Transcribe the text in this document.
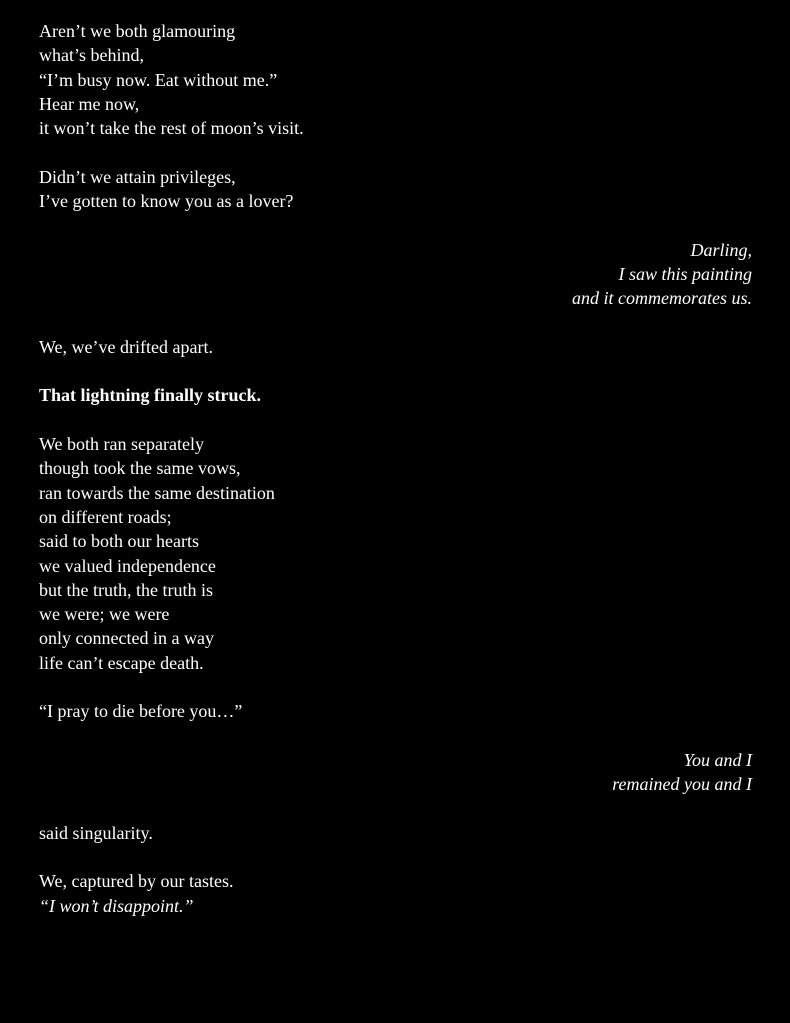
Aren’t we both glamouring
what’s behind,
“I’m busy now. Eat without me.”
Hear me now,
it won’t take the rest of moon’s visit.
Didn’t we attain privileges,
I’ve gotten to know you as a lover?
Darling,
I saw this painting
and it commemorates us.
We, we’ve drifted apart.
That lightning finally struck.
We both ran separately
though took the same vows,
ran towards the same destination
on different roads;
said to both our hearts
we valued independence
but the truth, the truth is
we were; we were
only connected in a way
life can’t escape death.
“I pray to die before you…”
You and I
remained you and I
said singularity.
We, captured by our tastes.
“I won’t disappoint.”
